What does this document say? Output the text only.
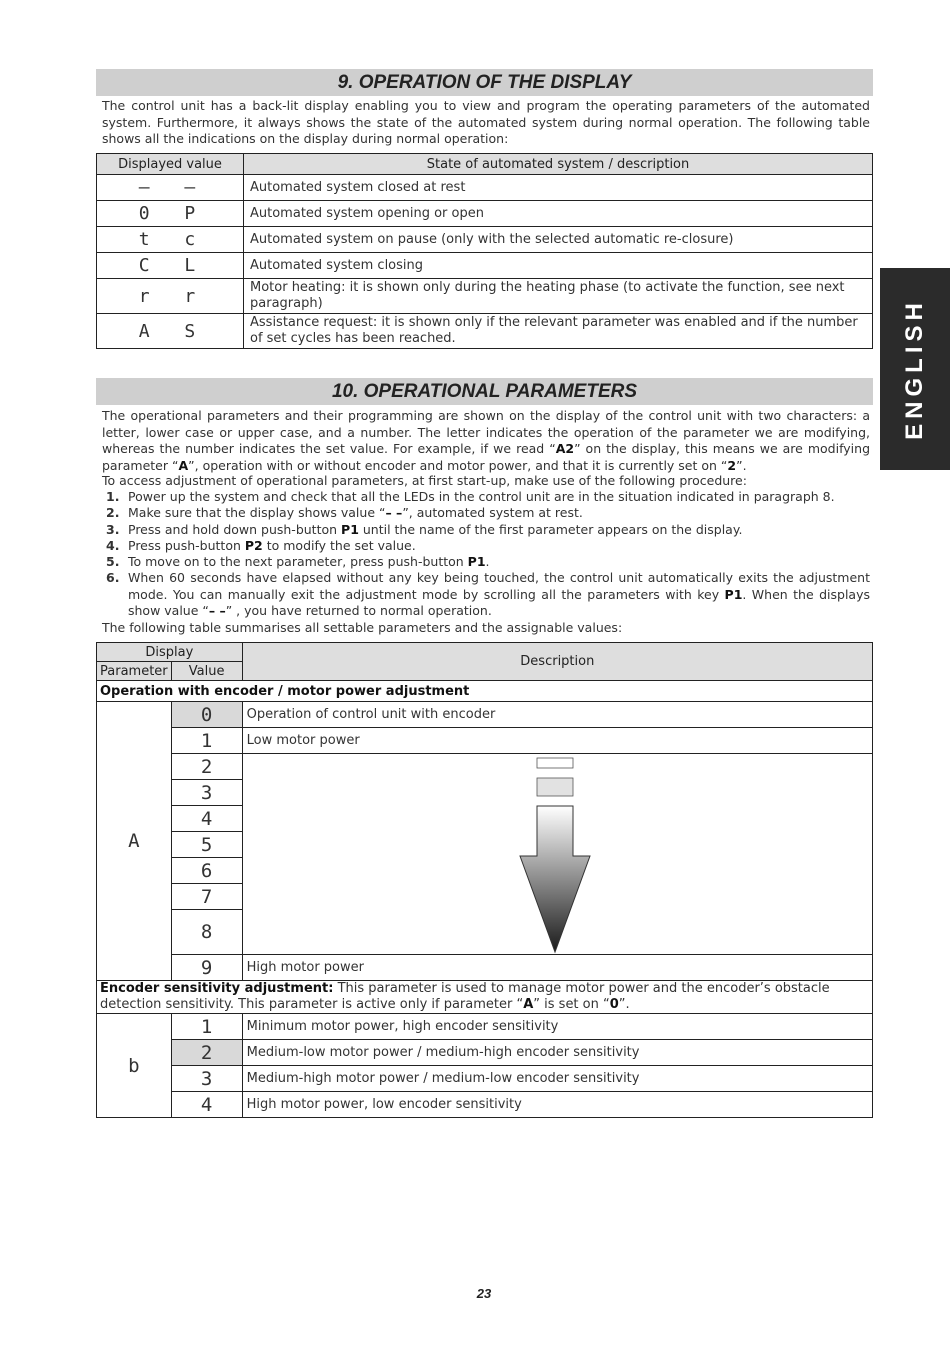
9. OPERATION OF THE DISPLAY

The control unit has a back-lit display enabling you to view and program the operating parameters of the automated system. Furthermore, it always shows the state of the automated system during normal operation. The following table shows all the indications on the display during normal operation:

Displayed value	State of automated system / description
– –	Automated system closed at rest
0 P	Automated system opening or open
t c	Automated system on pause (only with the selected automatic re-closure)
C L	Automated system closing
r r	Motor heating: it is shown only during the heating phase (to activate the function, see next paragraph)
A S	Assistance request: it is shown only if the relevant parameter was enabled and if the number of set cycles has been reached.
10. OPERATIONAL PARAMETERS

The operational parameters and their programming are shown on the display of the control unit with two characters: a letter, lower case or upper case, and a number. The letter indicates the operation of the parameter we are modifying, whereas the number indicates the set value. For example, if we read “A2” on the display, this means we are modifying parameter “A”, operation with or without encoder and motor power, and that it is currently set on “2”.

To access adjustment of operational parameters, at first start-up, make use of the following procedure:
1. Power up the system and check that all the LEDs in the control unit are in the situation indicated in paragraph 8.
2. Make sure that the display shows value “– –”, automated system at rest.
3. Press and hold down push-button P1 until the name of the first parameter appears on the display.
4. Press push-button P2 to modify the set value.
5. To move on to the next parameter, press push-button P1.
6. When 60 seconds have elapsed without any key being touched, the control unit automatically exits the adjustment mode. You can manually exit the adjustment mode by scrolling all the parameters with key P1. When the displays show value “– –” , you have returned to normal operation.
The following table summarises all settable parameters and the assignable values:
Display		Description
Parameter	Value	
Operation with encoder / motor power adjustment		
A	0	Operation of control unit with encoder
	1	Low motor power
	2	

	3	
	4	
	5	
	6	
	7	
	8	
	9	High motor power
Encoder sensitivity adjustment: This parameter is used to manage motor power and the encoder’s obstacle detection sensitivity. This parameter is active only if parameter “A” is set on “0”.		
b	1	Minimum motor power, high encoder sensitivity
	2	Medium-low motor power / medium-high encoder sensitivity
	3	Medium-high motor power / medium-low encoder sensitivity
	4	High motor power, low encoder sensitivity
ENGLISH
23
